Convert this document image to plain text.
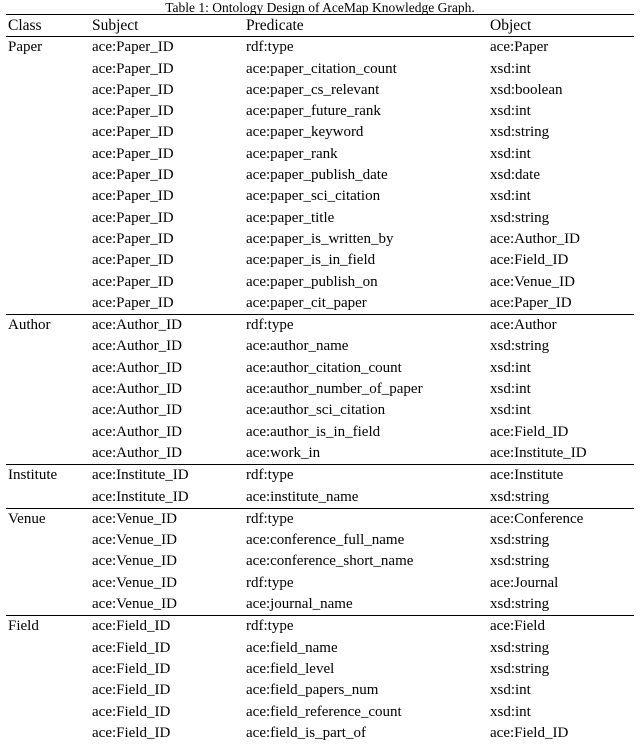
Table 1: Ontology Design of AceMap Knowledge Graph.
Class	Subject	Predicate	Object
Paper	ace:Paper_ID	rdf:type	ace:Paper
	ace:Paper_ID	ace:paper_citation_count	xsd:int
	ace:Paper_ID	ace:paper_cs_relevant	xsd:boolean
	ace:Paper_ID	ace:paper_future_rank	xsd:int
	ace:Paper_ID	ace:paper_keyword	xsd:string
	ace:Paper_ID	ace:paper_rank	xsd:int
	ace:Paper_ID	ace:paper_publish_date	xsd:date
	ace:Paper_ID	ace:paper_sci_citation	xsd:int
	ace:Paper_ID	ace:paper_title	xsd:string
	ace:Paper_ID	ace:paper_is_written_by	ace:Author_ID
	ace:Paper_ID	ace:paper_is_in_field	ace:Field_ID
	ace:Paper_ID	ace:paper_publish_on	ace:Venue_ID
	ace:Paper_ID	ace:paper_cit_paper	ace:Paper_ID
Author	ace:Author_ID	rdf:type	ace:Author
	ace:Author_ID	ace:author_name	xsd:string
	ace:Author_ID	ace:author_citation_count	xsd:int
	ace:Author_ID	ace:author_number_of_paper	xsd:int
	ace:Author_ID	ace:author_sci_citation	xsd:int
	ace:Author_ID	ace:author_is_in_field	ace:Field_ID
	ace:Author_ID	ace:work_in	ace:Institute_ID
Institute	ace:Institute_ID	rdf:type	ace:Institute
	ace:Institute_ID	ace:institute_name	xsd:string
Venue	ace:Venue_ID	rdf:type	ace:Conference
	ace:Venue_ID	ace:conference_full_name	xsd:string
	ace:Venue_ID	ace:conference_short_name	xsd:string
	ace:Venue_ID	rdf:type	ace:Journal
	ace:Venue_ID	ace:journal_name	xsd:string
Field	ace:Field_ID	rdf:type	ace:Field
	ace:Field_ID	ace:field_name	xsd:string
	ace:Field_ID	ace:field_level	xsd:string
	ace:Field_ID	ace:field_papers_num	xsd:int
	ace:Field_ID	ace:field_reference_count	xsd:int
	ace:Field_ID	ace:field_is_part_of	ace:Field_ID
